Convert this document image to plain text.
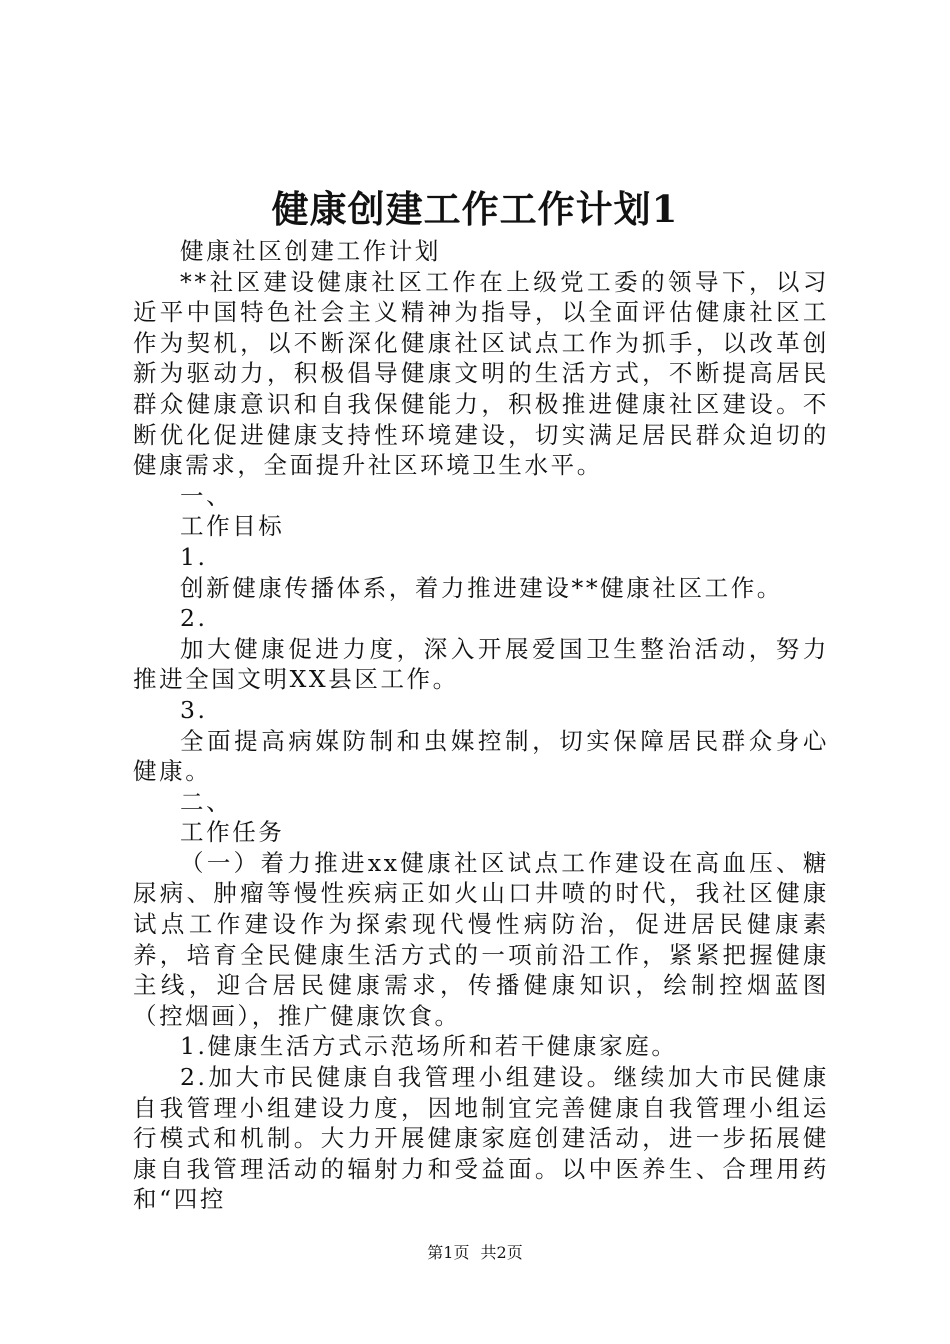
健康创建工作工作计划1

健康社区创建工作计划

**社区建设健康社区工作在上级党工委的领导下，以习近平中国特色社会主义精神为指导，以全面评估健康社区工作为契机，以不断深化健康社区试点工作为抓手，以改革创新为驱动力，积极倡导健康文明的生活方式，不断提高居民群众健康意识和自我保健能力，积极推进健康社区建设。不断优化促进健康支持性环境建设，切实满足居民群众迫切的健康需求，全面提升社区环境卫生水平。

一、

工作目标

1.

创新健康传播体系，着力推进建设**健康社区工作。

2.

加大健康促进力度，深入开展爱国卫生整治活动，努力推进全国文明XX县区工作。

3.

全面提高病媒防制和虫媒控制，切实保障居民群众身心健康。

二、

工作任务

（一）着力推进xx健康社区试点工作建设在高血压、糖尿病、肿瘤等慢性疾病正如火山口井喷的时代，我社区健康试点工作建设作为探索现代慢性病防治，促进居民健康素养，培育全民健康生活方式的一项前沿工作，紧紧把握健康主线，迎合居民健康需求，传播健康知识，绘制控烟蓝图（控烟画），推广健康饮食。

1.健康生活方式示范场所和若干健康家庭。

2.加大市民健康自我管理小组建设。继续加大市民健康自我管理小组建设力度，因地制宜完善健康自我管理小组运行模式和机制。大力开展健康家庭创建活动，进一步拓展健康自我管理活动的辐射力和受益面。以中医养生、合理用药和“四控

第1页 共2页
